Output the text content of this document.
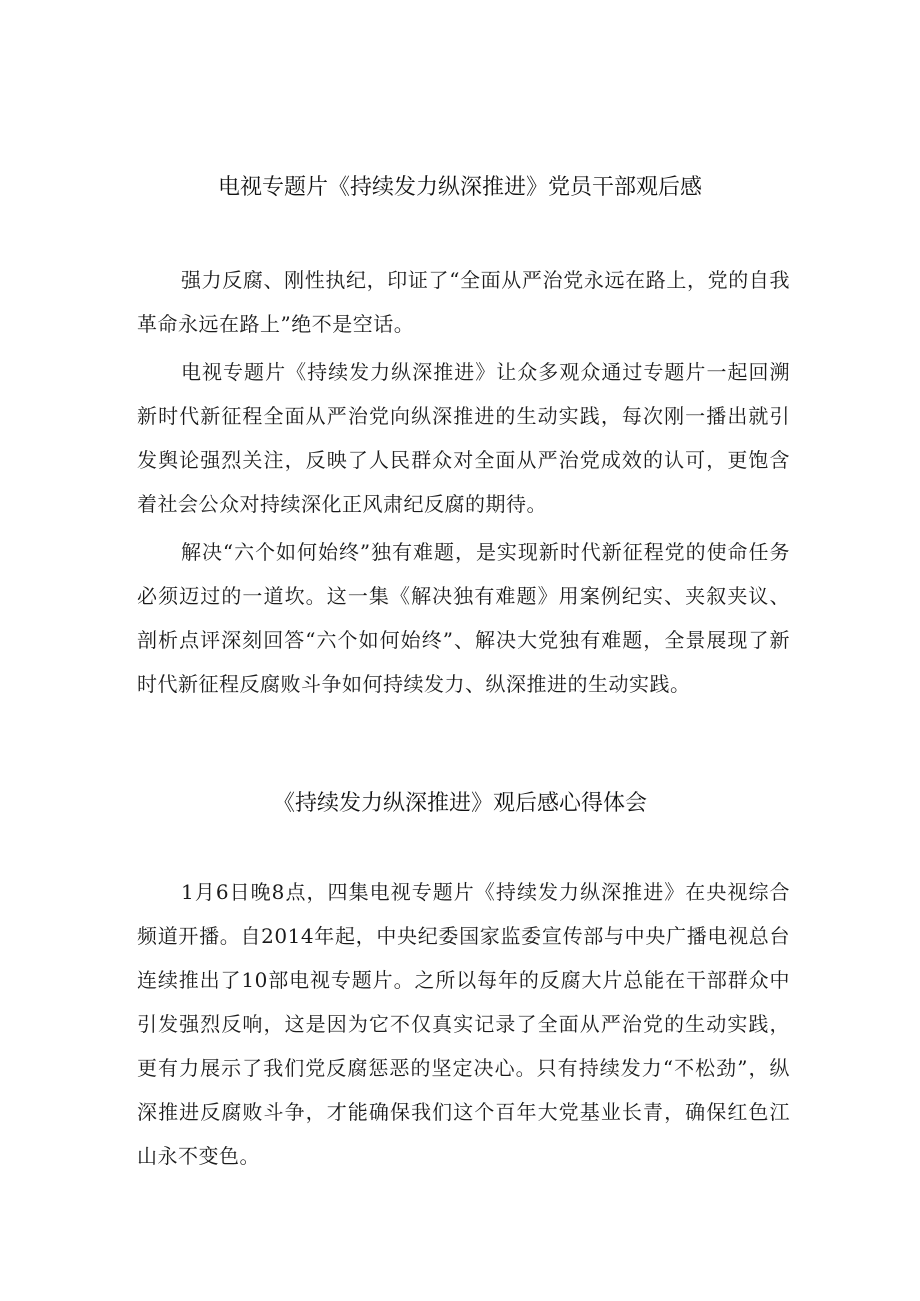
电视专题片《持续发力纵深推进》党员干部观后感

强力反腐、刚性执纪，印证了“全面从严治党永远在路上，党的自我革命永远在路上”绝不是空话。

电视专题片《持续发力纵深推进》让众多观众通过专题片一起回溯新时代新征程全面从严治党向纵深推进的生动实践，每次刚一播出就引发舆论强烈关注，反映了人民群众对全面从严治党成效的认可，更饱含着社会公众对持续深化正风肃纪反腐的期待。

解决“六个如何始终”独有难题，是实现新时代新征程党的使命任务必须迈过的一道坎。这一集《解决独有难题》用案例纪实、夹叙夹议、剖析点评深刻回答“六个如何始终”、解决大党独有难题，全景展现了新时代新征程反腐败斗争如何持续发力、纵深推进的生动实践。

《持续发力纵深推进》观后感心得体会

1月6日晚8点，四集电视专题片《持续发力纵深推进》在央视综合频道开播。自2014年起，中央纪委国家监委宣传部与中央广播电视总台连续推出了10部电视专题片。之所以每年的反腐大片总能在干部群众中引发强烈反响，这是因为它不仅真实记录了全面从严治党的生动实践，更有力展示了我们党反腐惩恶的坚定决心。只有持续发力“不松劲”，纵深推进反腐败斗争，才能确保我们这个百年大党基业长青，确保红色江山永不变色。
